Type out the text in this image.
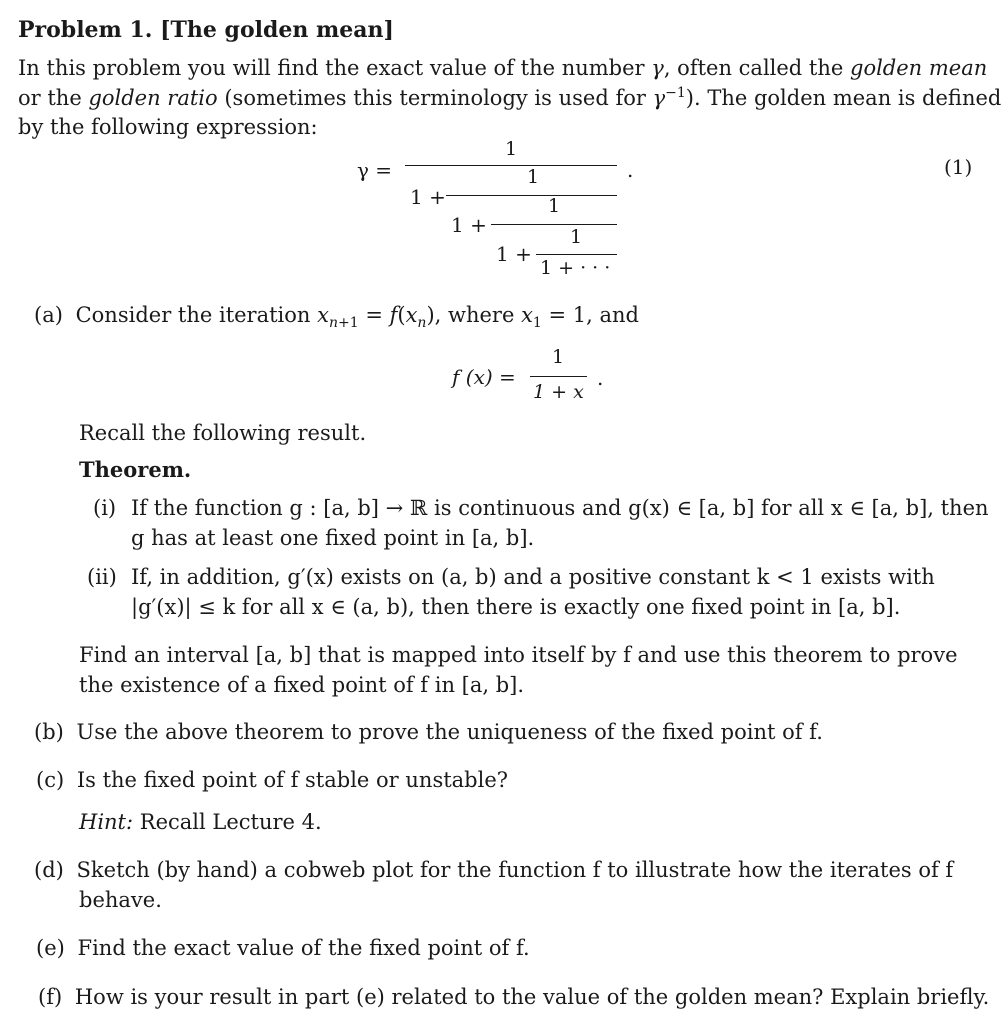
Problem 1. [The golden mean]
In this problem you will find the exact value of the number γ, often called the golden mean
or the golden ratio (sometimes this terminology is used for $\gamma^{-1}$). The golden mean is defined
by the following expression:
γ =
1
1 +
1
1 +
1
1 +
1
1 + · · ·
.	(1)
(a) Consider the iteration $x_{n+1} = f(x_n)$, where $x_1 = 1$, and
f (x) =
1
1 + x
.
Recall the following result.
Theorem.
(i) If the function g : [a, b] → ℝ is continuous and g(x) ∈ [a, b] for all x ∈ [a, b], then
g has at least one fixed point in [a, b].
(ii) If, in addition, g′(x) exists on (a, b) and a positive constant k < 1 exists with
|g′(x)| ≤ k for all x ∈ (a, b), then there is exactly one fixed point in [a, b].
Find an interval [a, b] that is mapped into itself by f and use this theorem to prove
the existence of a fixed point of f in [a, b].
(b) Use the above theorem to prove the uniqueness of the fixed point of f.
(c) Is the fixed point of f stable or unstable?
Hint: Recall Lecture 4.
(d) Sketch (by hand) a cobweb plot for the function f to illustrate how the iterates of f
behave.
(e) Find the exact value of the fixed point of f.
(f) How is your result in part (e) related to the value of the golden mean? Explain briefly.
